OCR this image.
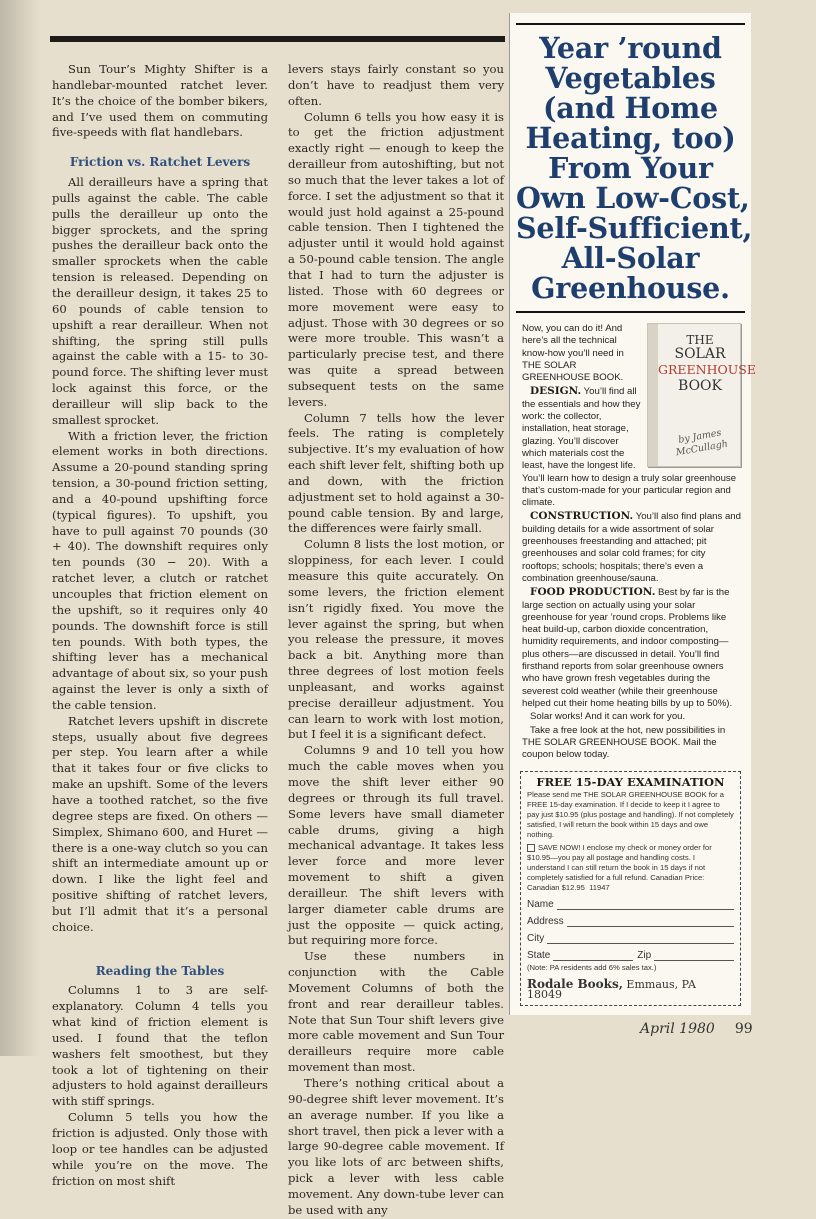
Sun Tour’s Mighty Shifter is a handlebar-mounted ratchet lever. It’s the choice of the bomber bikers, and I’ve used them on commuting five-speeds with flat handlebars.

Friction vs. Ratchet Levers

All derailleurs have a spring that pulls against the cable. The cable pulls the derailleur up onto the bigger sprockets, and the spring pushes the derailleur back onto the smaller sprockets when the cable tension is released. Depending on the derailleur design, it takes 25 to 60 pounds of cable tension to upshift a rear derailleur. When not shifting, the spring still pulls against the cable with a 15- to 30-pound force. The shifting lever must lock against this force, or the derailleur will slip back to the smallest sprocket.

With a friction lever, the friction element works in both directions. Assume a 20-pound standing spring tension, a 30-pound friction setting, and a 40-pound upshifting force (typical figures). To upshift, you have to pull against 70 pounds (30 + 40). The downshift requires only ten pounds (30 − 20). With a ratchet lever, a clutch or ratchet uncouples that friction element on the upshift, so it requires only 40 pounds. The downshift force is still ten pounds. With both types, the shifting lever has a mechanical advantage of about six, so your push against the lever is only a sixth of the cable tension.

Ratchet levers upshift in discrete steps, usually about five degrees per step. You learn after a while that it takes four or five clicks to make an upshift. Some of the levers have a toothed ratchet, so the five degree steps are fixed. On others — Simplex, Shimano 600, and Huret — there is a one-way clutch so you can shift an intermediate amount up or down. I like the light feel and positive shifting of ratchet levers, but I’ll admit that it’s a personal choice.

Reading the Tables

Columns 1 to 3 are self-explanatory. Column 4 tells you what kind of friction element is used. I found that the teflon washers felt smoothest, but they took a lot of tightening on their adjusters to hold against derailleurs with stiff springs.

Column 5 tells you how the friction is adjusted. Only those with loop or tee handles can be adjusted while you’re on the move. The friction on most shift

levers stays fairly constant so you don’t have to readjust them very often.

Column 6 tells you how easy it is to get the friction adjustment exactly right — enough to keep the derailleur from autoshifting, but not so much that the lever takes a lot of force. I set the adjustment so that it would just hold against a 25-pound cable tension. Then I tightened the adjuster until it would hold against a 50-pound cable tension. The angle that I had to turn the adjuster is listed. Those with 60 degrees or more movement were easy to adjust. Those with 30 degrees or so were more trouble. This wasn’t a particularly precise test, and there was quite a spread between subsequent tests on the same levers.

Column 7 tells how the lever feels. The rating is completely subjective. It’s my evaluation of how each shift lever felt, shifting both up and down, with the friction adjustment set to hold against a 30-pound cable tension. By and large, the differences were fairly small.

Column 8 lists the lost motion, or sloppiness, for each lever. I could measure this quite accurately. On some levers, the friction element isn’t rigidly fixed. You move the lever against the spring, but when you release the pressure, it moves back a bit. Anything more than three degrees of lost motion feels unpleasant, and works against precise derailleur adjustment. You can learn to work with lost motion, but I feel it is a significant defect.

Columns 9 and 10 tell you how much the cable moves when you move the shift lever either 90 degrees or through its full travel. Some levers have small diameter cable drums, giving a high mechanical advantage. It takes less lever force and more lever movement to shift a given derailleur. The shift levers with larger diameter cable drums are just the opposite — quick acting, but requiring more force.

Use these numbers in conjunction with the Cable Movement Columns of both the front and rear derailleur tables. Note that Sun Tour shift levers give more cable movement and Sun Tour derailleurs require more cable movement than most.

There’s nothing critical about a 90-degree shift lever movement. It’s an average number. If you like a short travel, then pick a lever with a large 90-degree cable movement. If you like lots of arc between shifts, pick a lever with less cable movement. Any down-tube lever can be used with any

Year ’round
Vegetables
(and Home
Heating, too)
From Your
Own Low-Cost,
Self-Sufficient,
All-Solar
Greenhouse.
THE
SOLAR
GREENHOUSE
BOOK
by James McCullagh

Now, you can do it! And here’s all the technical know-how you’ll need in THE SOLAR GREENHOUSE BOOK.

DESIGN. You’ll find all the essentials and how they work: the collector, installation, heat storage, glazing. You’ll discover which materials cost the least, have the longest life. You’ll learn how to design a truly solar greenhouse that’s custom-made for your particular region and climate.

CONSTRUCTION. You’ll also find plans and building details for a wide assortment of solar greenhouses freestanding and attached; pit greenhouses and solar cold frames; for city rooftops; schools; hospitals; there’s even a combination greenhouse/sauna.

FOOD PRODUCTION. Best by far is the large section on actually using your solar greenhouse for year ’round crops. Problems like heat build-up, carbon dioxide concentration, humidity requirements, and indoor composting—plus others—are discussed in detail. You’ll find firsthand reports from solar greenhouse owners who have grown fresh vegetables during the severest cold weather (while their greenhouse helped cut their home heating bills by up to 50%).

Solar works! And it can work for you.

Take a free look at the hot, new possibilities in THE SOLAR GREENHOUSE BOOK. Mail the coupon below today.

FREE 15-DAY EXAMINATION

Please send me THE SOLAR GREENHOUSE BOOK for a FREE 15-day examination. If I decide to keep it I agree to pay just $10.95 (plus postage and handling). If not completely satisfied, I will return the book within 15 days and owe nothing.

SAVE NOW! I enclose my check or money order for $10.95—you pay all postage and handling costs. I understand I can still return the book in 15 days if not completely satisfied for a full refund. Canadian Price: Canadian $12.95 11947

Name
Address
City
State	Zip

(Note: PA residents add 6% sales tax.)

Rodale Books, Emmaus, PA 18049
April 1980 99
